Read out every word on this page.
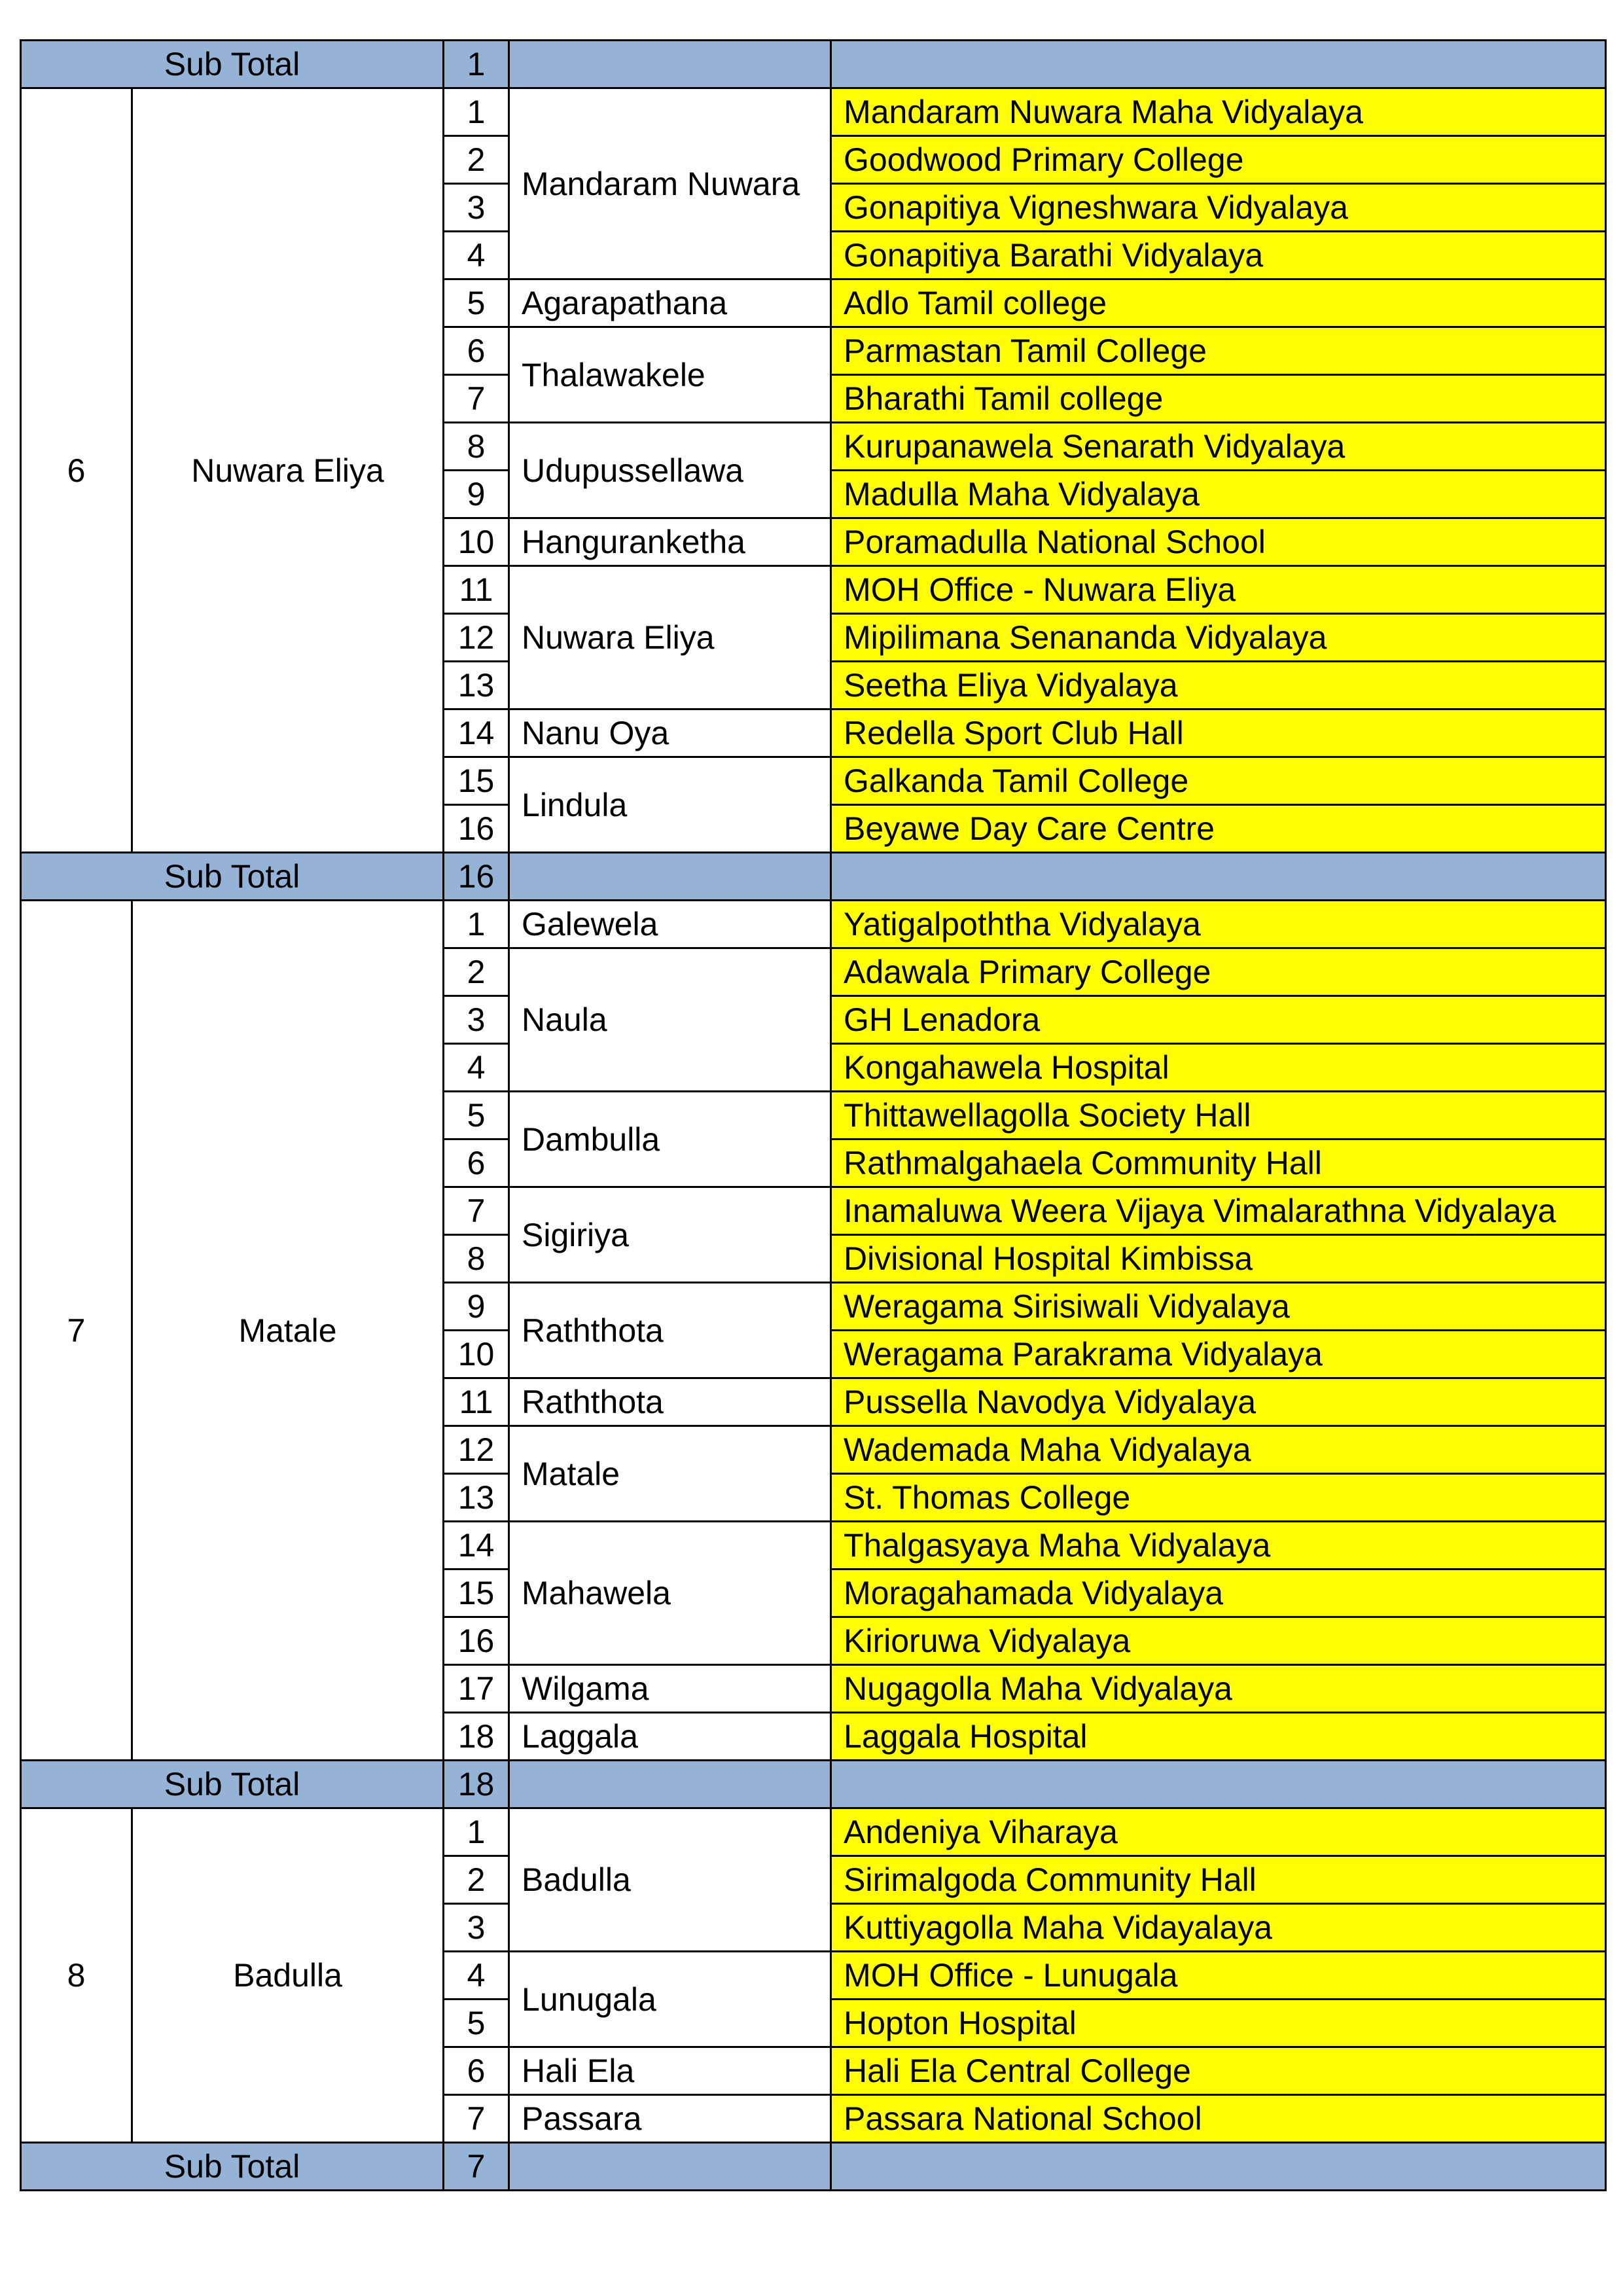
Sub Total		1		
6	Nuwara Eliya	1	Mandaram Nuwara	Mandaram Nuwara Maha Vidyalaya
		2		Goodwood Primary College
		3		Gonapitiya Vigneshwara Vidyalaya
		4		Gonapitiya Barathi Vidyalaya
		5	Agarapathana	Adlo Tamil college
		6	Thalawakele	Parmastan Tamil College
		7		Bharathi Tamil college
		8	Udupussellawa	Kurupanawela Senarath Vidyalaya
		9		Madulla Maha Vidyalaya
		10	Hanguranketha	Poramadulla National School
		11	Nuwara Eliya	MOH Office - Nuwara Eliya
		12		Mipilimana Senananda Vidyalaya
		13		Seetha Eliya Vidyalaya
		14	Nanu Oya	Redella Sport Club Hall
		15	Lindula	Galkanda Tamil College
		16		Beyawe Day Care Centre
Sub Total		16		
7	Matale	1	Galewela	Yatigalpoththa Vidyalaya
		2	Naula	Adawala Primary College
		3		GH Lenadora
		4		Kongahawela Hospital
		5	Dambulla	Thittawellagolla Society Hall
		6		Rathmalgahaela Community Hall
		7	Sigiriya	Inamaluwa Weera Vijaya Vimalarathna Vidyalaya
		8		Divisional Hospital Kimbissa
		9	Raththota	Weragama Sirisiwali Vidyalaya
		10		Weragama Parakrama Vidyalaya
		11	Raththota	Pussella Navodya Vidyalaya
		12	Matale	Wademada Maha Vidyalaya
		13		St. Thomas College
		14	Mahawela	Thalgasyaya Maha Vidyalaya
		15		Moragahamada Vidyalaya
		16		Kirioruwa Vidyalaya
		17	Wilgama	Nugagolla Maha Vidyalaya
		18	Laggala	Laggala Hospital
Sub Total		18		
8	Badulla	1	Badulla	Andeniya Viharaya
		2		Sirimalgoda Community Hall
		3		Kuttiyagolla Maha Vidayalaya
		4	Lunugala	MOH Office - Lunugala
		5		Hopton Hospital
		6	Hali Ela	Hali Ela Central College
		7	Passara	Passara National School
Sub Total		7		
